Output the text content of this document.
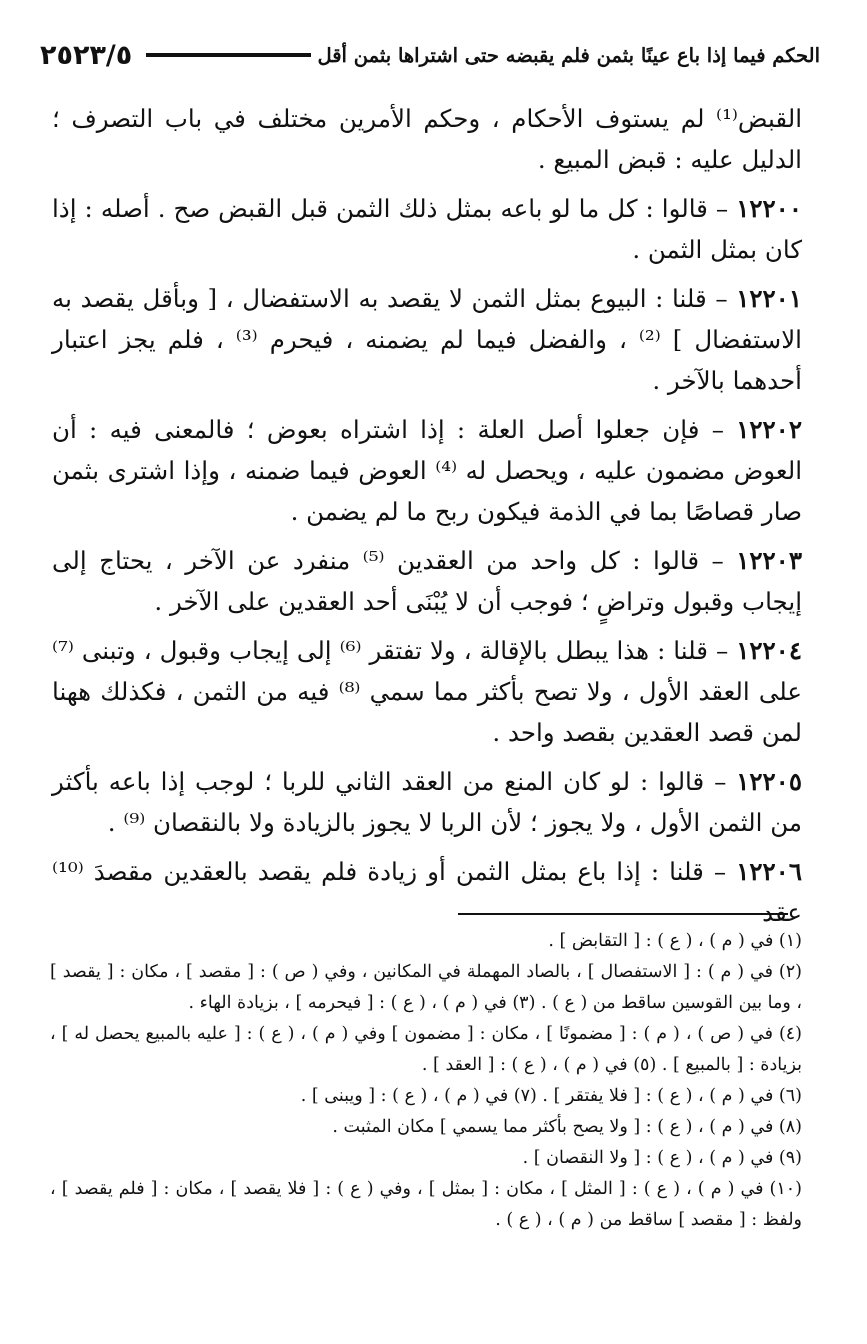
٢٥٢٣/٥	الحكم فيما إذا باع عينًا بثمن فلم يقبضه حتى اشتراها بثمن أقل

القبض⁽¹⁾ لم يستوف الأحكام ، وحكم الأمرين مختلف في باب التصرف ؛ الدليل عليه : قبض المبيع .

١٢٢٠٠ – قالوا : كل ما لو باعه بمثل ذلك الثمن قبل القبض صح . أصله : إذا كان بمثل الثمن .

١٢٢٠١ – قلنا : البيوع بمثل الثمن لا يقصد به الاستفضال ، [ وبأقل يقصد به الاستفضال ] ⁽²⁾ ، والفضل فيما لم يضمنه ، فيحرم ⁽³⁾ ، فلم يجز اعتبار أحدهما بالآخر .

١٢٢٠٢ – فإن جعلوا أصل العلة : إذا اشتراه بعوض ؛ فالمعنى فيه : أن العوض مضمون عليه ، ويحصل له ⁽⁴⁾ العوض فيما ضمنه ، وإذا اشترى بثمن صار قصاصًا بما في الذمة فيكون ربح ما لم يضمن .

١٢٢٠٣ – قالوا : كل واحد من العقدين ⁽⁵⁾ منفرد عن الآخر ، يحتاج إلى إيجاب وقبول وتراضٍ ؛ فوجب أن لا يُبْنَى أحد العقدين على الآخر .

١٢٢٠٤ – قلنا : هذا يبطل بالإقالة ، ولا تفتقر ⁽⁶⁾ إلى إيجاب وقبول ، وتبنى ⁽⁷⁾ على العقد الأول ، ولا تصح بأكثر مما سمي ⁽⁸⁾ فيه من الثمن ، فكذلك ههنا لمن قصد العقدين بقصد واحد .

١٢٢٠٥ – قالوا : لو كان المنع من العقد الثاني للربا ؛ لوجب إذا باعه بأكثر من الثمن الأول ، ولا يجوز ؛ لأن الربا لا يجوز بالزيادة ولا بالنقصان ⁽⁹⁾ .

١٢٢٠٦ – قلنا : إذا باع بمثل الثمن أو زيادة فلم يقصد بالعقدين مقصدَ ⁽¹⁰⁾ عقد

(١) في ( م ) ، ( ع ) : [ التقابض ] .

(٢) في ( م ) : [ الاستفصال ] ، بالصاد المهملة في المكانين ، وفي ( ص ) : [ مقصد ] ، مكان : [ يقصد ] ، وما بين القوسين ساقط من ( ع ) . (٣) في ( م ) ، ( ع ) : [ فيحرمه ] ، بزيادة الهاء .

(٤) في ( ص ) ، ( م ) : [ مضمونًا ] ، مكان : [ مضمون ] وفي ( م ) ، ( ع ) : [ عليه بالمبيع يحصل له ] ، بزيادة : [ بالمبيع ] . (٥) في ( م ) ، ( ع ) : [ العقد ] .

(٦) في ( م ) ، ( ع ) : [ فلا يفتقر ] . (٧) في ( م ) ، ( ع ) : [ ويبنى ] .

(٨) في ( م ) ، ( ع ) : [ ولا يصح بأكثر مما يسمي ] مكان المثبت .

(٩) في ( م ) ، ( ع ) : [ ولا النقصان ] .

(١٠) في ( م ) ، ( ع ) : [ المثل ] ، مكان : [ بمثل ] ، وفي ( ع ) : [ فلا يقصد ] ، مكان : [ فلم يقصد ] ، ولفظ : [ مقصد ] ساقط من ( م ) ، ( ع ) .
